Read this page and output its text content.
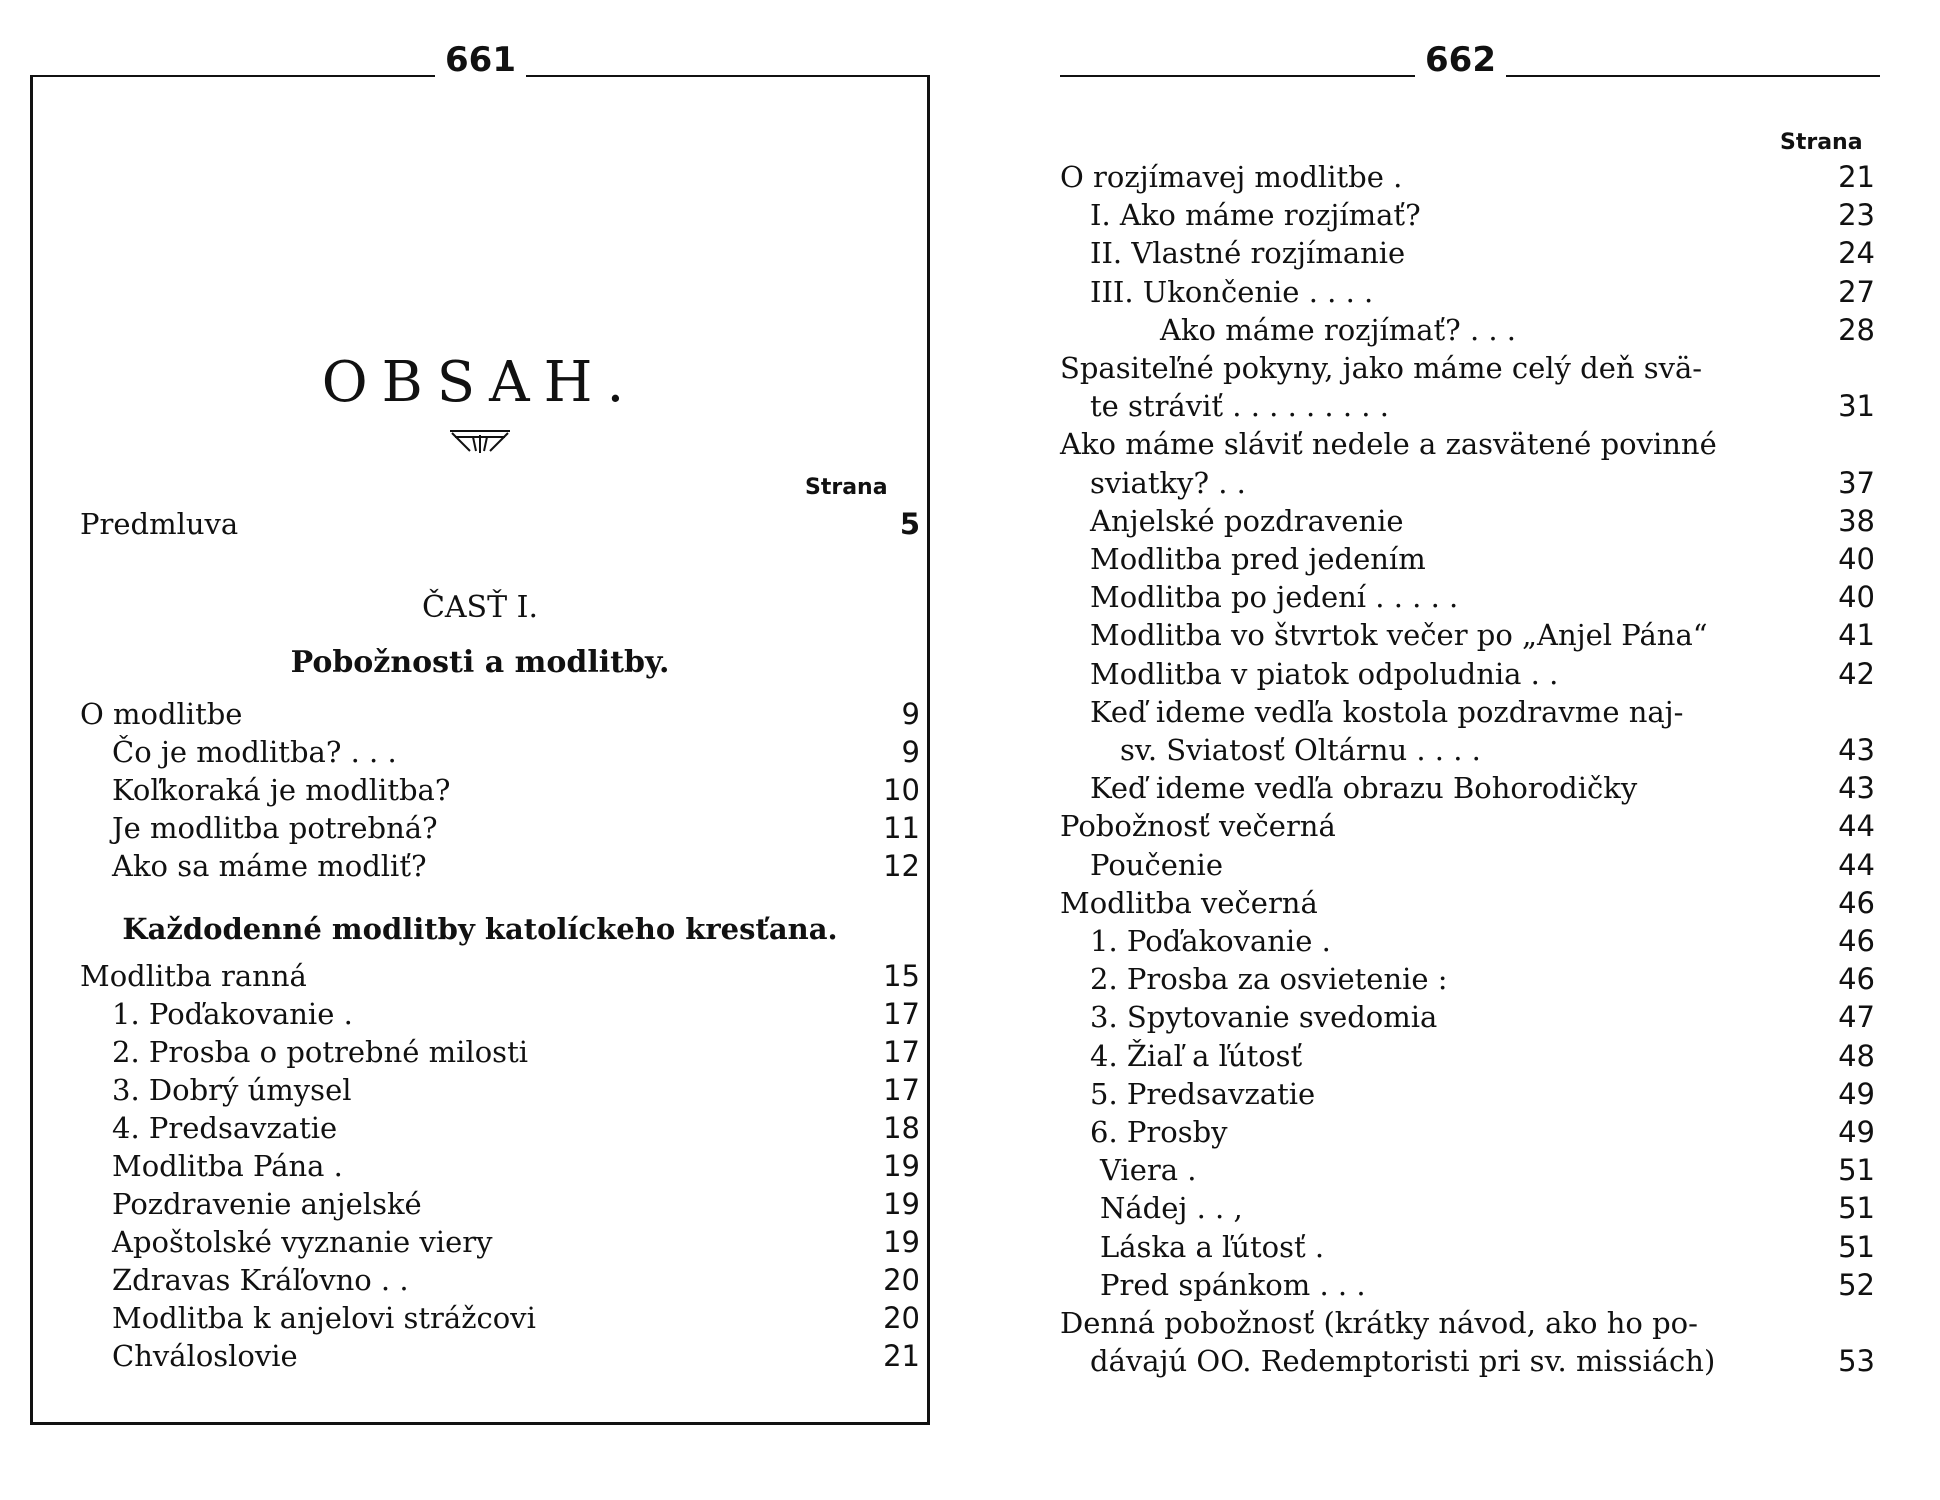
661
OBSAH.
Strana
Predmluva	5
ČASŤ I.
Pobožnosti a modlitby.
O modlitbe	9
Čo je modlitba? . . .	9
Koľkoraká je modlitba?	10
Je modlitba potrebná?	11
Ako sa máme modliť?	12
Každodenné modlitby katolíckeho kresťana.
Modlitba ranná	15
1. Poďakovanie .	17
2. Prosba o potrebné milosti	17
3. Dobrý úmysel	17
4. Predsavzatie	18
Modlitba Pána .	19
Pozdravenie anjelské	19
Apoštolské vyznanie viery	19
Zdravas Kráľovno . .	20
Modlitba k anjelovi strážcovi	20
Chváloslovie	21
662
Strana
O rozjímavej modlitbe .	21
I. Ako máme rozjímať?	23
II. Vlastné rozjímanie	24
III. Ukončenie . . . .	27
Ako máme rozjímať? . . .	28
Spasiteľné pokyny, jako máme celý deň svä-
te stráviť . . . . . . . . .	31
Ako máme sláviť nedele a zasvätené povinné
sviatky? . .	37
Anjelské pozdravenie	38
Modlitba pred jedením	40
Modlitba po jedení . . . . .	40
Modlitba vo štvrtok večer po „Anjel Pána“	41
Modlitba v piatok odpoludnia . .	42
Keď ideme vedľa kostola pozdravme naj-
sv. Sviatosť Oltárnu . . . .	43
Keď ideme vedľa obrazu Bohorodičky	43
Pobožnosť večerná	44
Poučenie	44
Modlitba večerná	46
1. Poďakovanie .	46
2. Prosba za osvietenie :	46
3. Spytovanie svedomia	47
4. Žiaľ a ľútosť	48
5. Predsavzatie	49
6. Prosby	49
Viera .	51
Nádej . . ,	51
Láska a ľútosť .	51
Pred spánkom . . .	52
Denná pobožnosť (krátky návod, ako ho po-
dávajú OO. Redemptoristi pri sv. missiách)	53
